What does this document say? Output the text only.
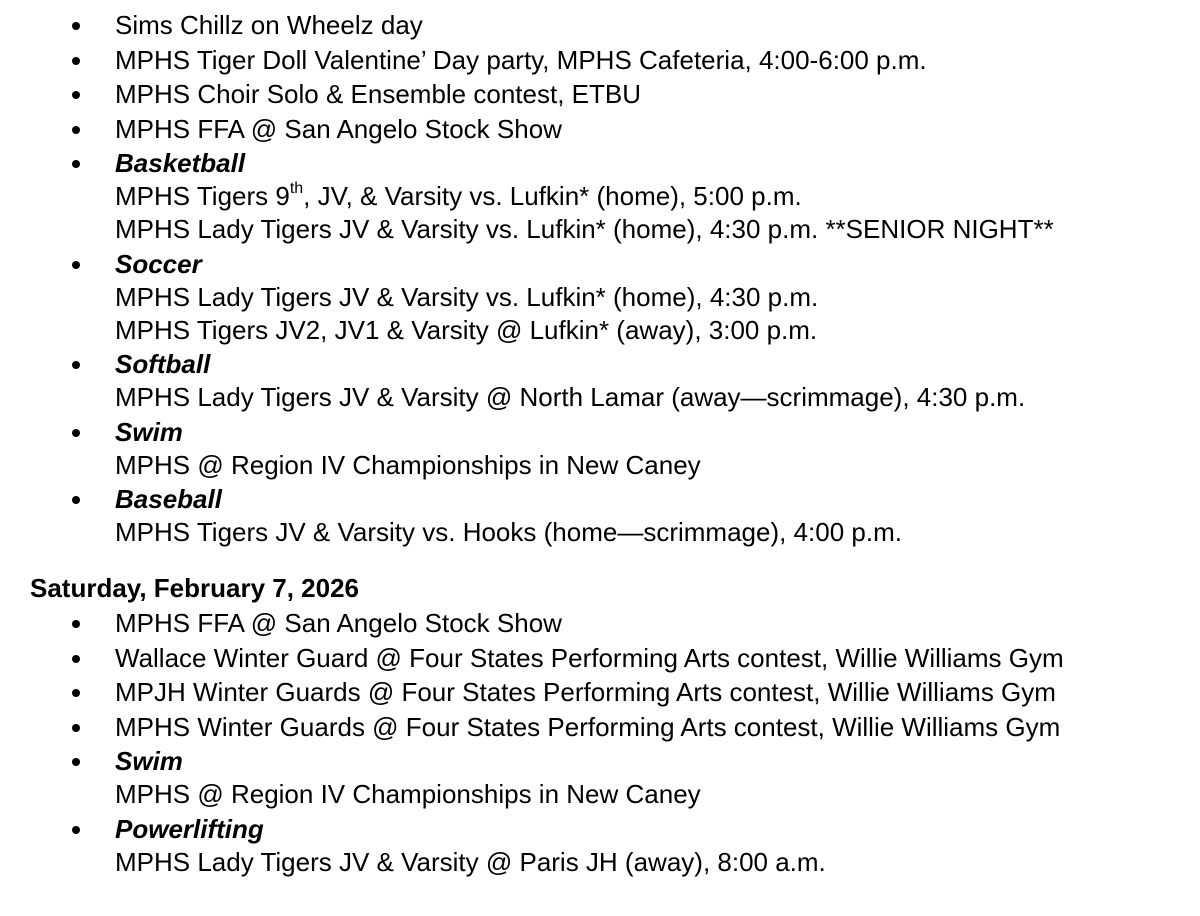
Sims Chillz on Wheelz day
MPHS Tiger Doll Valentine’ Day party, MPHS Cafeteria, 4:00-6:00 p.m.
MPHS Choir Solo & Ensemble contest, ETBU
MPHS FFA @ San Angelo Stock Show
Basketball
MPHS Tigers 9th, JV, & Varsity vs. Lufkin* (home), 5:00 p.m.
MPHS Lady Tigers JV & Varsity vs. Lufkin* (home), 4:30 p.m. **SENIOR NIGHT**
Soccer
MPHS Lady Tigers JV & Varsity vs. Lufkin* (home), 4:30 p.m.
MPHS Tigers JV2, JV1 & Varsity @ Lufkin* (away), 3:00 p.m.
Softball
MPHS Lady Tigers JV & Varsity @ North Lamar (away—scrimmage), 4:30 p.m.
Swim
MPHS @ Region IV Championships in New Caney
Baseball
MPHS Tigers JV & Varsity vs. Hooks (home—scrimmage), 4:00 p.m.
Saturday, February 7, 2026
MPHS FFA @ San Angelo Stock Show
Wallace Winter Guard @ Four States Performing Arts contest, Willie Williams Gym
MPJH Winter Guards @ Four States Performing Arts contest, Willie Williams Gym
MPHS Winter Guards @ Four States Performing Arts contest, Willie Williams Gym
Swim
MPHS @ Region IV Championships in New Caney
Powerlifting
MPHS Lady Tigers JV & Varsity @ Paris JH (away), 8:00 a.m.
